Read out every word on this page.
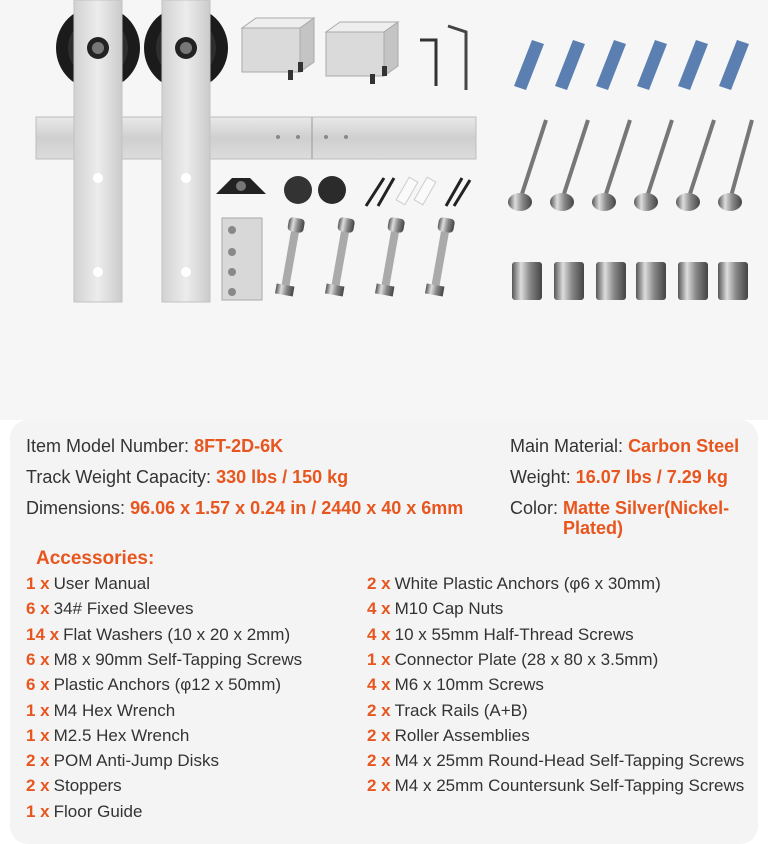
Item Model Number: 8FT-2D-6K
Track Weight Capacity: 330 lbs / 150 kg
Dimensions: 96.06 x 1.57 x 0.24 in / 2440 x 40 x 6mm
Main Material: Carbon Steel
Weight: 16.07 lbs / 7.29 kg
Color: Matte Silver(Nickel-
Plated)
Accessories:
1 x User Manual
6 x 34# Fixed Sleeves
14 x Flat Washers (10 x 20 x 2mm)
6 x M8 x 90mm Self-Tapping Screws
6 x Plastic Anchors (φ12 x 50mm)
1 x M4 Hex Wrench
1 x M2.5 Hex Wrench
2 x POM Anti-Jump Disks
2 x Stoppers
1 x Floor Guide
2 x White Plastic Anchors (φ6 x 30mm)
4 x M10 Cap Nuts
4 x 10 x 55mm Half-Thread Screws
1 x Connector Plate (28 x 80 x 3.5mm)
4 x M6 x 10mm Screws
2 x Track Rails (A+B)
2 x Roller Assemblies
2 x M4 x 25mm Round-Head Self-Tapping Screws
2 x M4 x 25mm Countersunk Self-Tapping Screws
